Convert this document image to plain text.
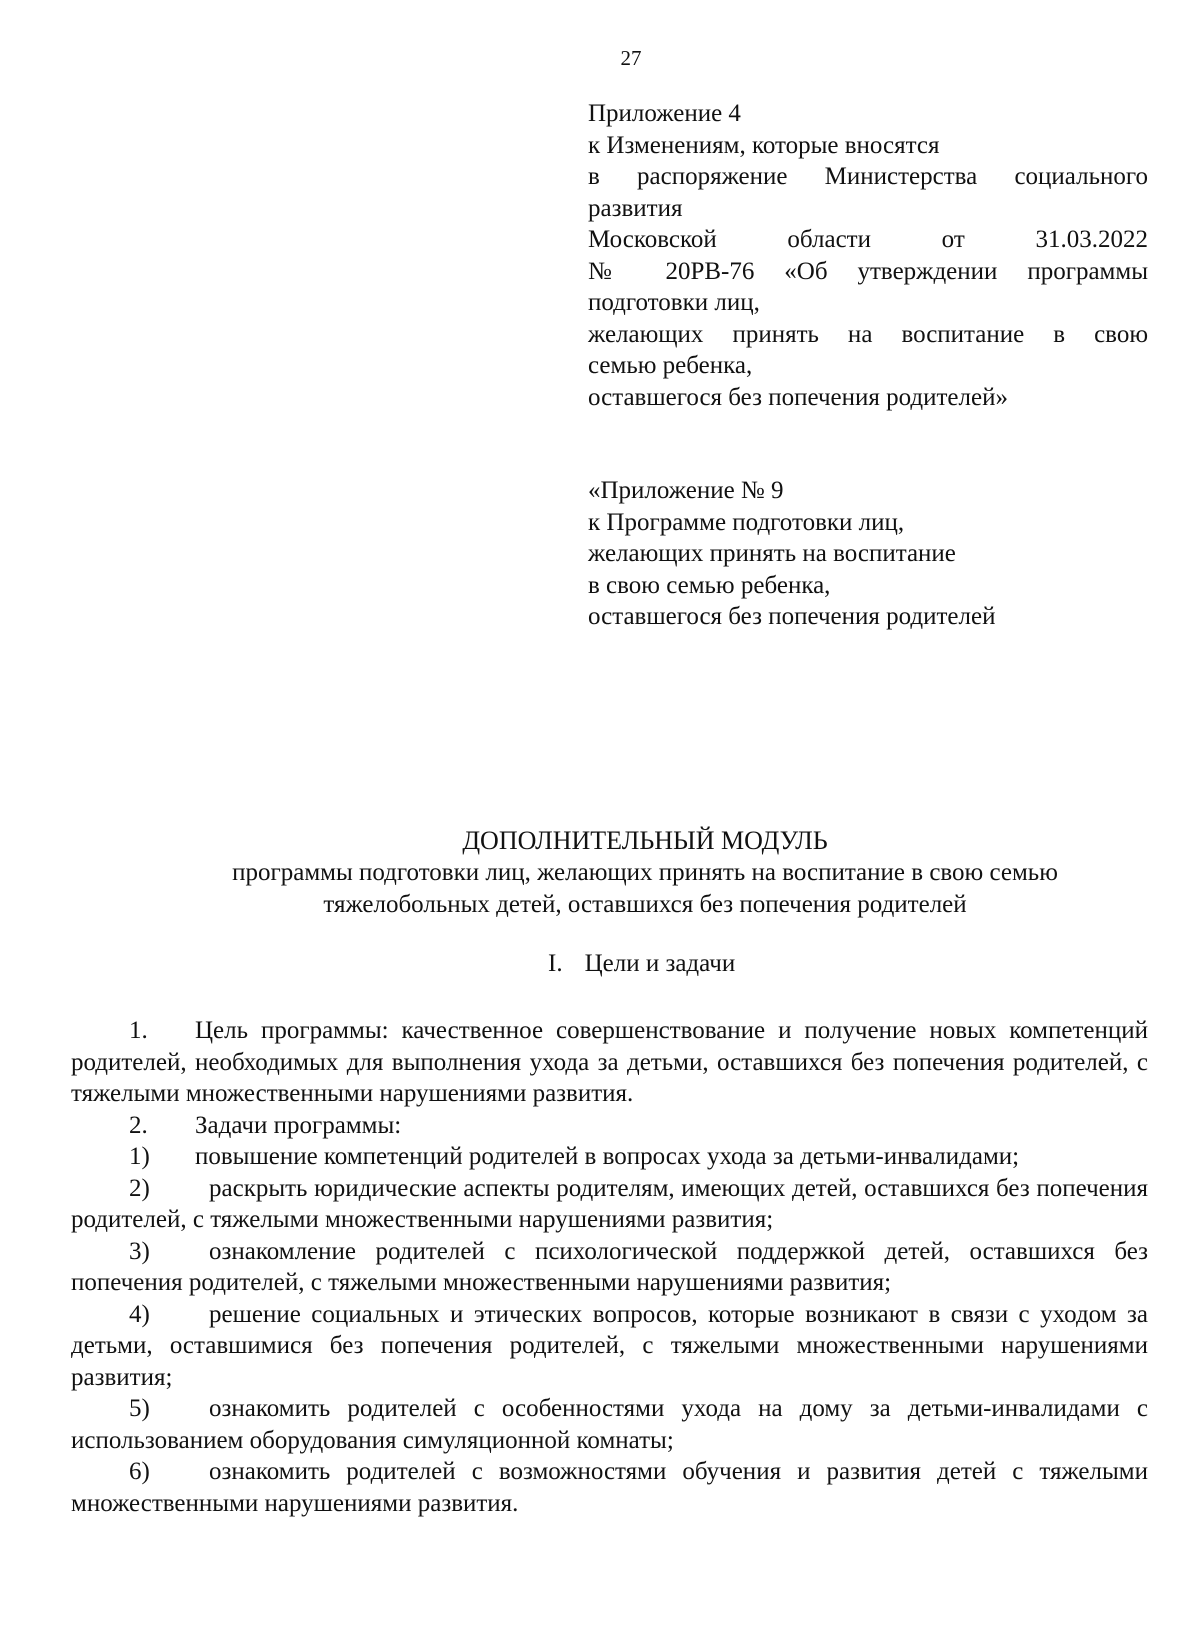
27
Приложение 4
к Изменениям, которые вносятся
в распоряжение Министерства социального
развития
Московской области от 31.03.2022
№ 20РВ-76 «Об утверждении программы
подготовки лиц,
желающих принять на воспитание в свою
семью ребенка,
оставшегося без попечения родителей»
«Приложение № 9
к Программе подготовки лиц,
желающих принять на воспитание
в свою семью ребенка,
оставшегося без попечения родителей
ДОПОЛНИТЕЛЬНЫЙ МОДУЛЬ
программы подготовки лиц, желающих принять на воспитание в свою семью
тяжелобольных детей, оставшихся без попечения родителей
I. Цели и задачи

1. Цель программы: качественное совершенствование и получение новых компетенций родителей, необходимых для выполнения ухода за детьми, оставшихся без попечения родителей, с тяжелыми множественными нарушениями развития.

2. Задачи программы:

1) повышение компетенций родителей в вопросах ухода за детьми-инвалидами;

2) раскрыть юридические аспекты родителям, имеющих детей, оставшихся без попечения родителей, с тяжелыми множественными нарушениями развития;

3) ознакомление родителей с психологической поддержкой детей, оставшихся без попечения родителей, с тяжелыми множественными нарушениями развития;

4) решение социальных и этических вопросов, которые возникают в связи с уходом за детьми, оставшимися без попечения родителей, с тяжелыми множественными нарушениями развития;

5) ознакомить родителей с особенностями ухода на дому за детьми-инвалидами с использованием оборудования симуляционной комнаты;

6) ознакомить родителей с возможностями обучения и развития детей с тяжелыми множественными нарушениями развития.
